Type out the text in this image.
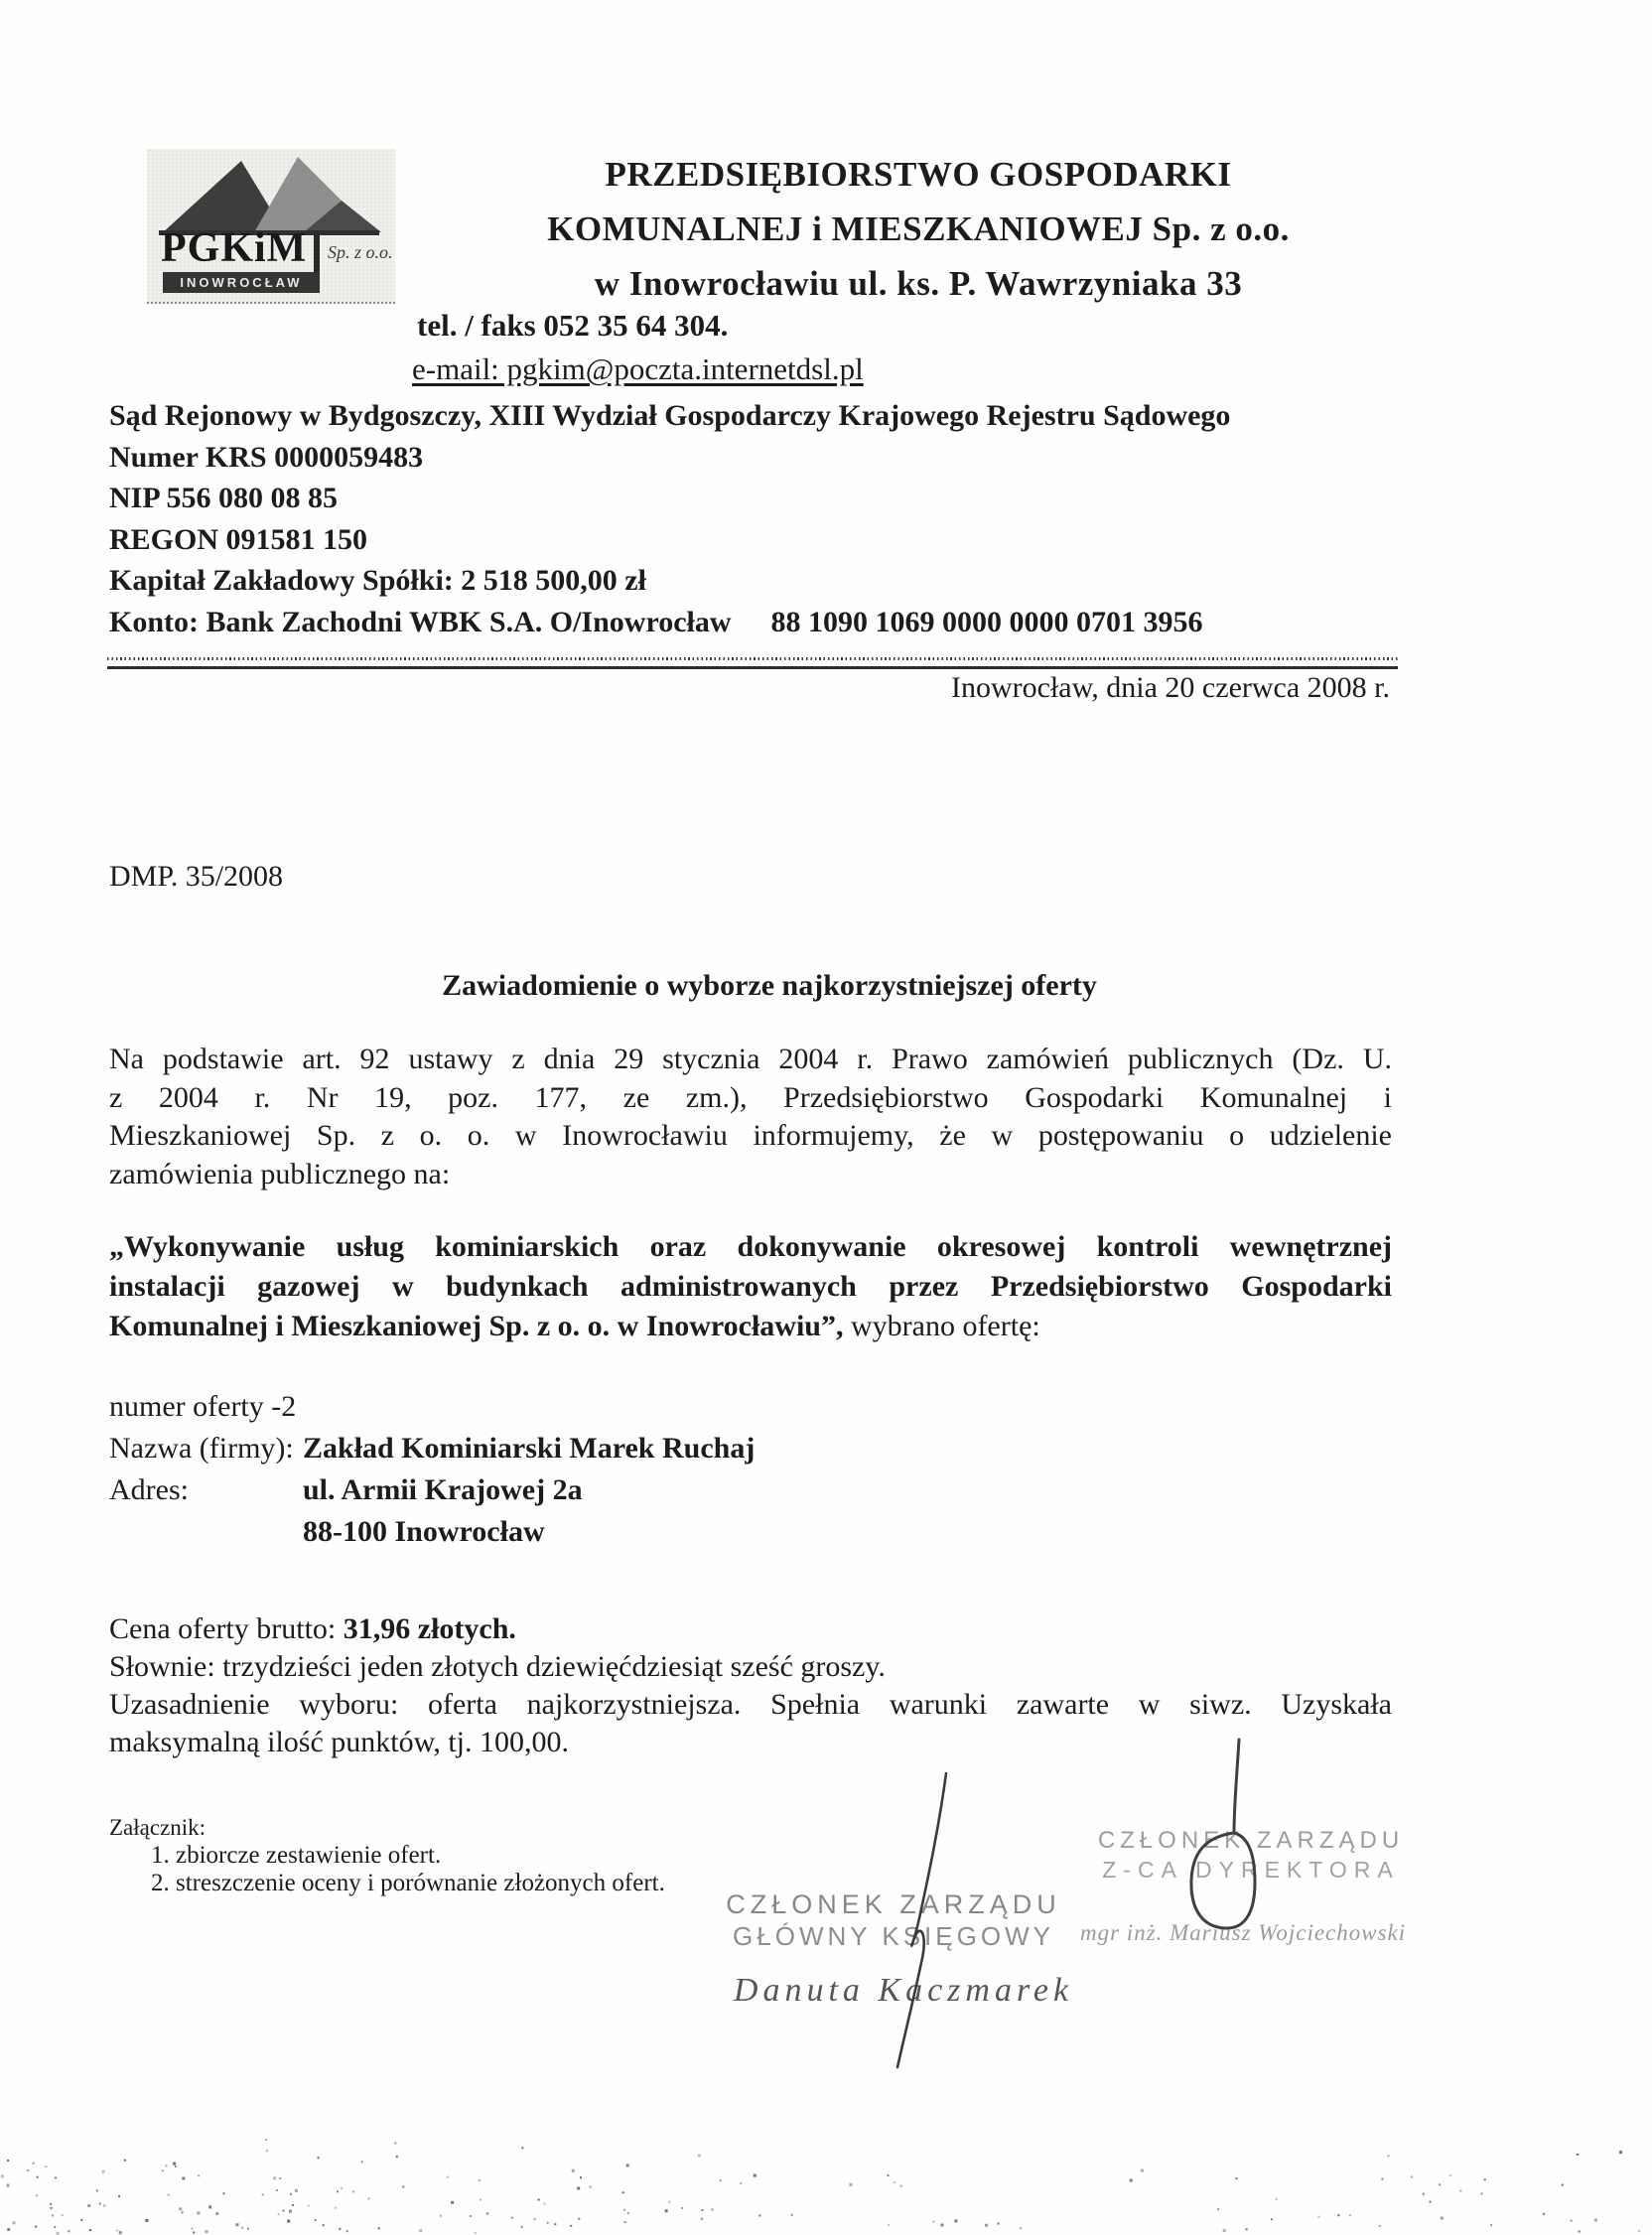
PGKiM Sp. z o.o.
INOWROCŁAW
PRZEDSIĘBIORSTWO GOSPODARKI
KOMUNALNEJ i MIESZKANIOWEJ Sp. z o.o.
w Inowrocławiu ul. ks. P. Wawrzyniaka 33
tel. / faks 052 35 64 304.
e-mail: pgkim@poczta.internetdsl.pl
Sąd Rejonowy w Bydgoszczy, XIII Wydział Gospodarczy Krajowego Rejestru Sądowego
Numer KRS 0000059483
NIP 556 080 08 85
REGON 091581 150
Kapitał Zakładowy Spółki: 2 518 500,00 zł
Konto: Bank Zachodni WBK S.A. O/Inowrocław 88 1090 1069 0000 0000 0701 3956
Inowrocław, dnia 20 czerwca 2008 r.
DMP. 35/2008
Zawiadomienie o wyborze najkorzystniejszej oferty
Na podstawie art. 92 ustawy z dnia 29 stycznia 2004 r. Prawo zamówień publicznych (Dz. U.
z 2004 r. Nr 19, poz. 177, ze zm.), Przedsiębiorstwo Gospodarki Komunalnej i
Mieszkaniowej Sp. z o. o. w Inowrocławiu informujemy, że w postępowaniu o udzielenie
zamówienia publicznego na:
„Wykonywanie usług kominiarskich oraz dokonywanie okresowej kontroli wewnętrznej
instalacji gazowej w budynkach administrowanych przez Przedsiębiorstwo Gospodarki
Komunalnej i Mieszkaniowej Sp. z o. o. w Inowrocławiu”, wybrano ofertę:
numer oferty -2
Nazwa (firmy): Zakład Kominiarski Marek Ruchaj
Adres:	ul. Armii Krajowej 2a
88-100 Inowrocław
Cena oferty brutto: 31,96 złotych.
Słownie: trzydzieści jeden złotych dziewięćdziesiąt sześć groszy.
Uzasadnienie wyboru: oferta najkorzystniejsza. Spełnia warunki zawarte w siwz. Uzyskała
maksymalną ilość punktów, tj. 100,00.
Załącznik:
1. zbiorcze zestawienie ofert.
2. streszczenie oceny i porównanie złożonych ofert.
CZŁONEK ZARZĄDU
GŁÓWNY KSIĘGOWY
Danuta Kaczmarek
CZŁONEK ZARZĄDU
Z-CA DYREKTORA
mgr inż. Mariusz Wojciechowski
